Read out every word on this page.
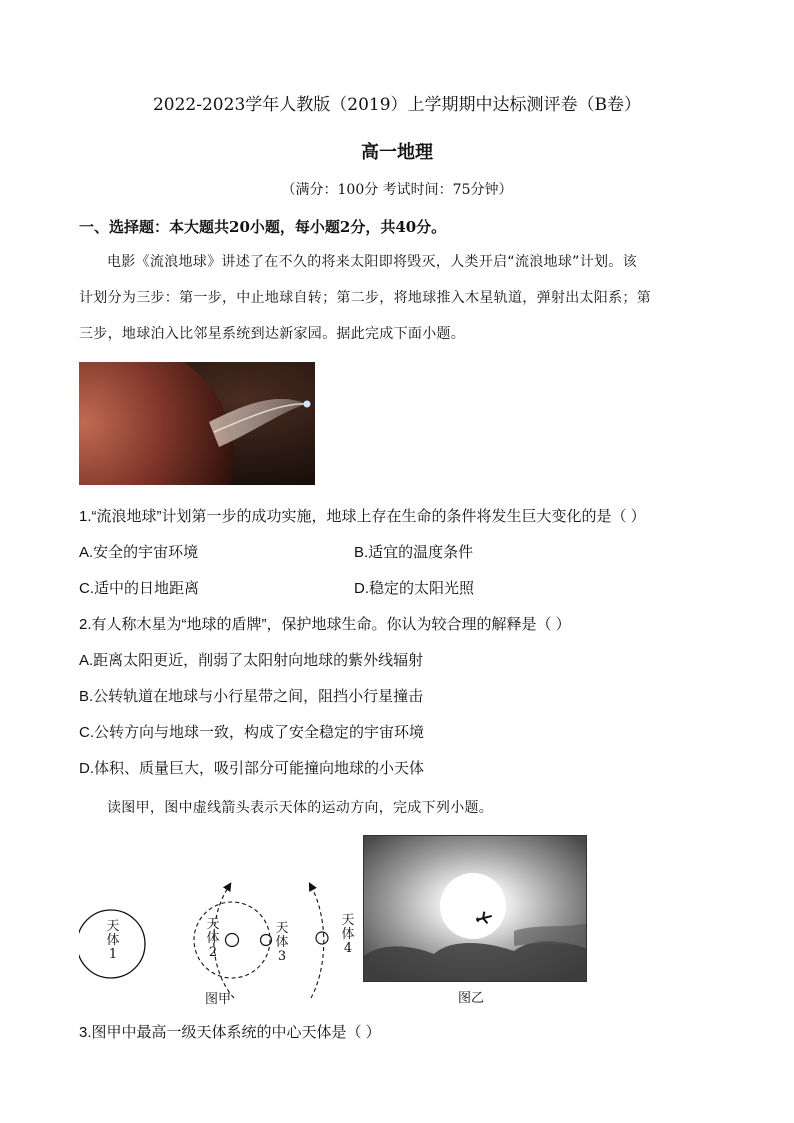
2022-2023学年人教版（2019）上学期期中达标测评卷（B卷）
高一地理
（满分：100分 考试时间：75分钟）
一、选择题：本大题共20小题，每小题2分，共40分。
电影《流浪地球》讲述了在不久的将来太阳即将毁灭，人类开启“流浪地球”计划。该
计划分为三步：第一步，中止地球自转；第二步，将地球推入木星轨道，弹射出太阳系；第
三步，地球泊入比邻星系统到达新家园。据此完成下面小题。
1.“流浪地球”计划第一步的成功实施，地球上存在生命的条件将发生巨大变化的是（ ）
A.安全的宇宙环境	B.适宜的温度条件
C.适中的日地距离	D.稳定的太阳光照
2.有人称木星为“地球的盾牌”，保护地球生命。你认为较合理的解释是（ ）
A.距离太阳更近，削弱了太阳射向地球的紫外线辐射
B.公转轨道在地球与小行星带之间，阻挡小行星撞击
C.公转方向与地球一致，构成了安全稳定的宇宙环境
D.体积、质量巨大，吸引部分可能撞向地球的小天体
读图甲，图中虚线箭头表示天体的运动方向，完成下列小题。
天体1
天体2
天体3
天体4
图甲	图乙
3.图甲中最高一级天体系统的中心天体是（ ）
